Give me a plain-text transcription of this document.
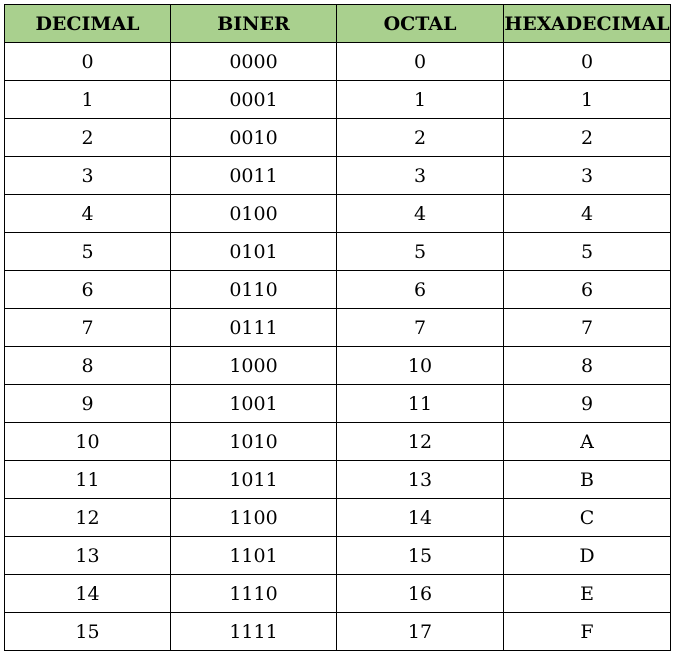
DECIMAL	BINER	OCTAL	HEXADECIMAL
0	0000	0	0
1	0001	1	1
2	0010	2	2
3	0011	3	3
4	0100	4	4
5	0101	5	5
6	0110	6	6
7	0111	7	7
8	1000	10	8
9	1001	11	9
10	1010	12	A
11	1011	13	B
12	1100	14	C
13	1101	15	D
14	1110	16	E
15	1111	17	F
